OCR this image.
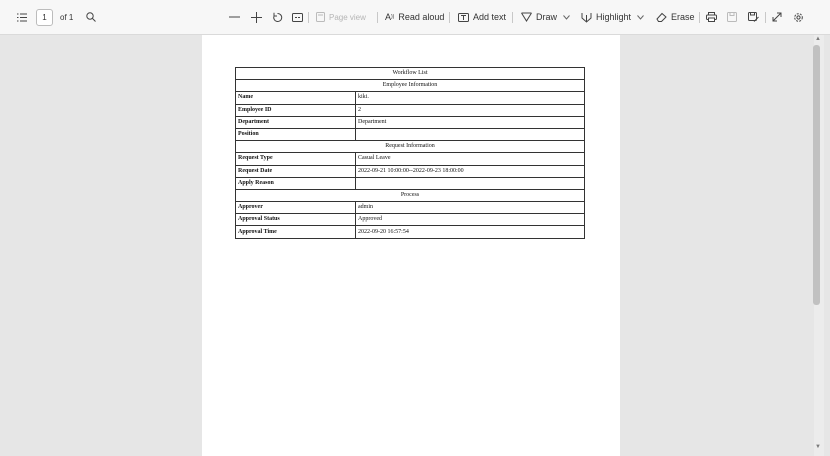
1	of 1	Page view A )) Read aloud	Add text	Draw	Highlight	Erase
Workflow List	
Employee Information	
Name	kiki.
Employee ID	2
Department	Department
Position	
Request Information	
Request Type	Casual Leave
Request Date	2022-09-21 10:00:00--2022-09-23 18:00:00
Apply Reason	
Process	
Approver	admin
Approval Status	Approved
Approval Time	2022-09-20 16:57:54
▲
▼
